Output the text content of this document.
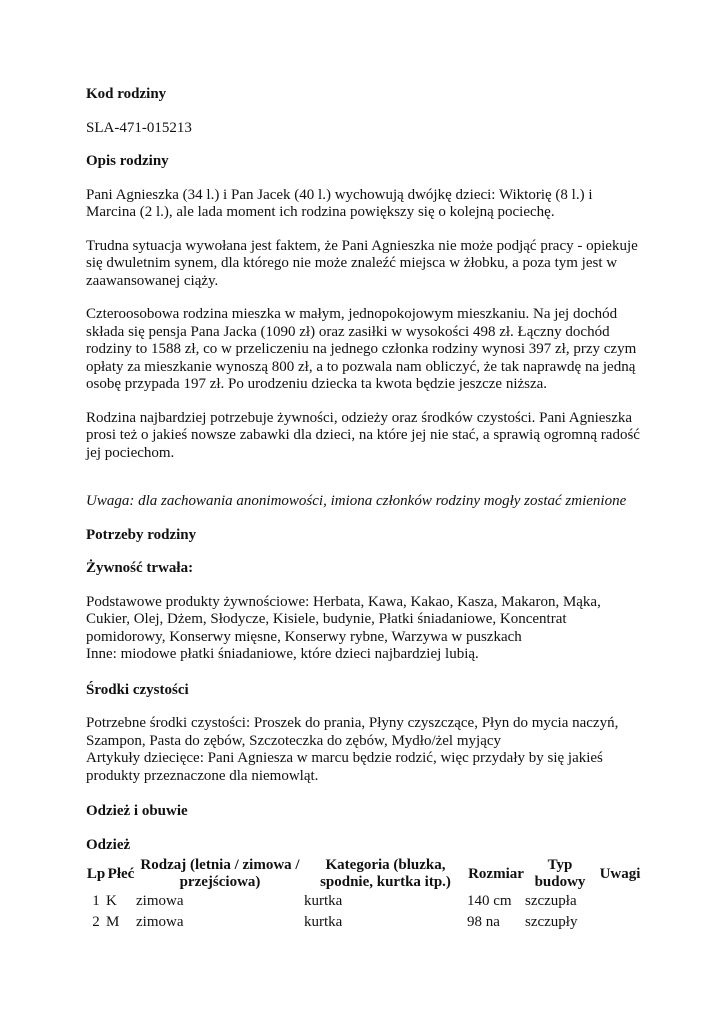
Kod rodziny

SLA-471-015213

Opis rodziny

Pani Agnieszka (34 l.) i Pan Jacek (40 l.) wychowują dwójkę dzieci: Wiktorię (8 l.) i Marcina (2 l.), ale lada moment ich rodzina powiększy się o kolejną pociechę.

Trudna sytuacja wywołana jest faktem, że Pani Agnieszka nie może podjąć pracy - opiekuje się dwuletnim synem, dla którego nie może znaleźć miejsca w żłobku, a poza tym jest w zaawansowanej ciąży.

Czteroosobowa rodzina mieszka w małym, jednopokojowym mieszkaniu. Na jej dochód składa się pensja Pana Jacka (1090 zł) oraz zasiłki w wysokości 498 zł. Łączny dochód rodziny to 1588 zł, co w przeliczeniu na jednego członka rodziny wynosi 397 zł, przy czym opłaty za mieszkanie wynoszą 800 zł, a to pozwala nam obliczyć, że tak naprawdę na jedną osobę przypada 197 zł. Po urodzeniu dziecka ta kwota będzie jeszcze niższa.

Rodzina najbardziej potrzebuje żywności, odzieży oraz środków czystości. Pani Agnieszka prosi też o jakieś nowsze zabawki dla dzieci, na które jej nie stać, a sprawią ogromną radość jej pociechom.

Uwaga: dla zachowania anonimowości, imiona członków rodziny mogły zostać zmienione

Potrzeby rodziny

Żywność trwała:

Podstawowe produkty żywnościowe: Herbata, Kawa, Kakao, Kasza, Makaron, Mąka, Cukier, Olej, Dżem, Słodycze, Kisiele, budynie, Płatki śniadaniowe, Koncentrat pomidorowy, Konserwy mięsne, Konserwy rybne, Warzywa w puszkach

Inne: miodowe płatki śniadaniowe, które dzieci najbardziej lubią.

Środki czystości

Potrzebne środki czystości: Proszek do prania, Płyny czyszczące, Płyn do mycia naczyń, Szampon, Pasta do zębów, Szczoteczka do zębów, Mydło/żel myjący

Artykuły dziecięce: Pani Agniesza w marcu będzie rodzić, więc przydały by się jakieś produkty przeznaczone dla niemowląt.

Odzież i obuwie

Odzież

Lp	Płeć	Rodzaj (letnia / zimowa / przejściowa)	Kategoria (bluzka, spodnie, kurtka itp.)	Rozmiar	Typ budowy	Uwagi
1	K	zimowa	kurtka	140 cm	szczupła	
2	M	zimowa	kurtka	98 na	szczupły	
